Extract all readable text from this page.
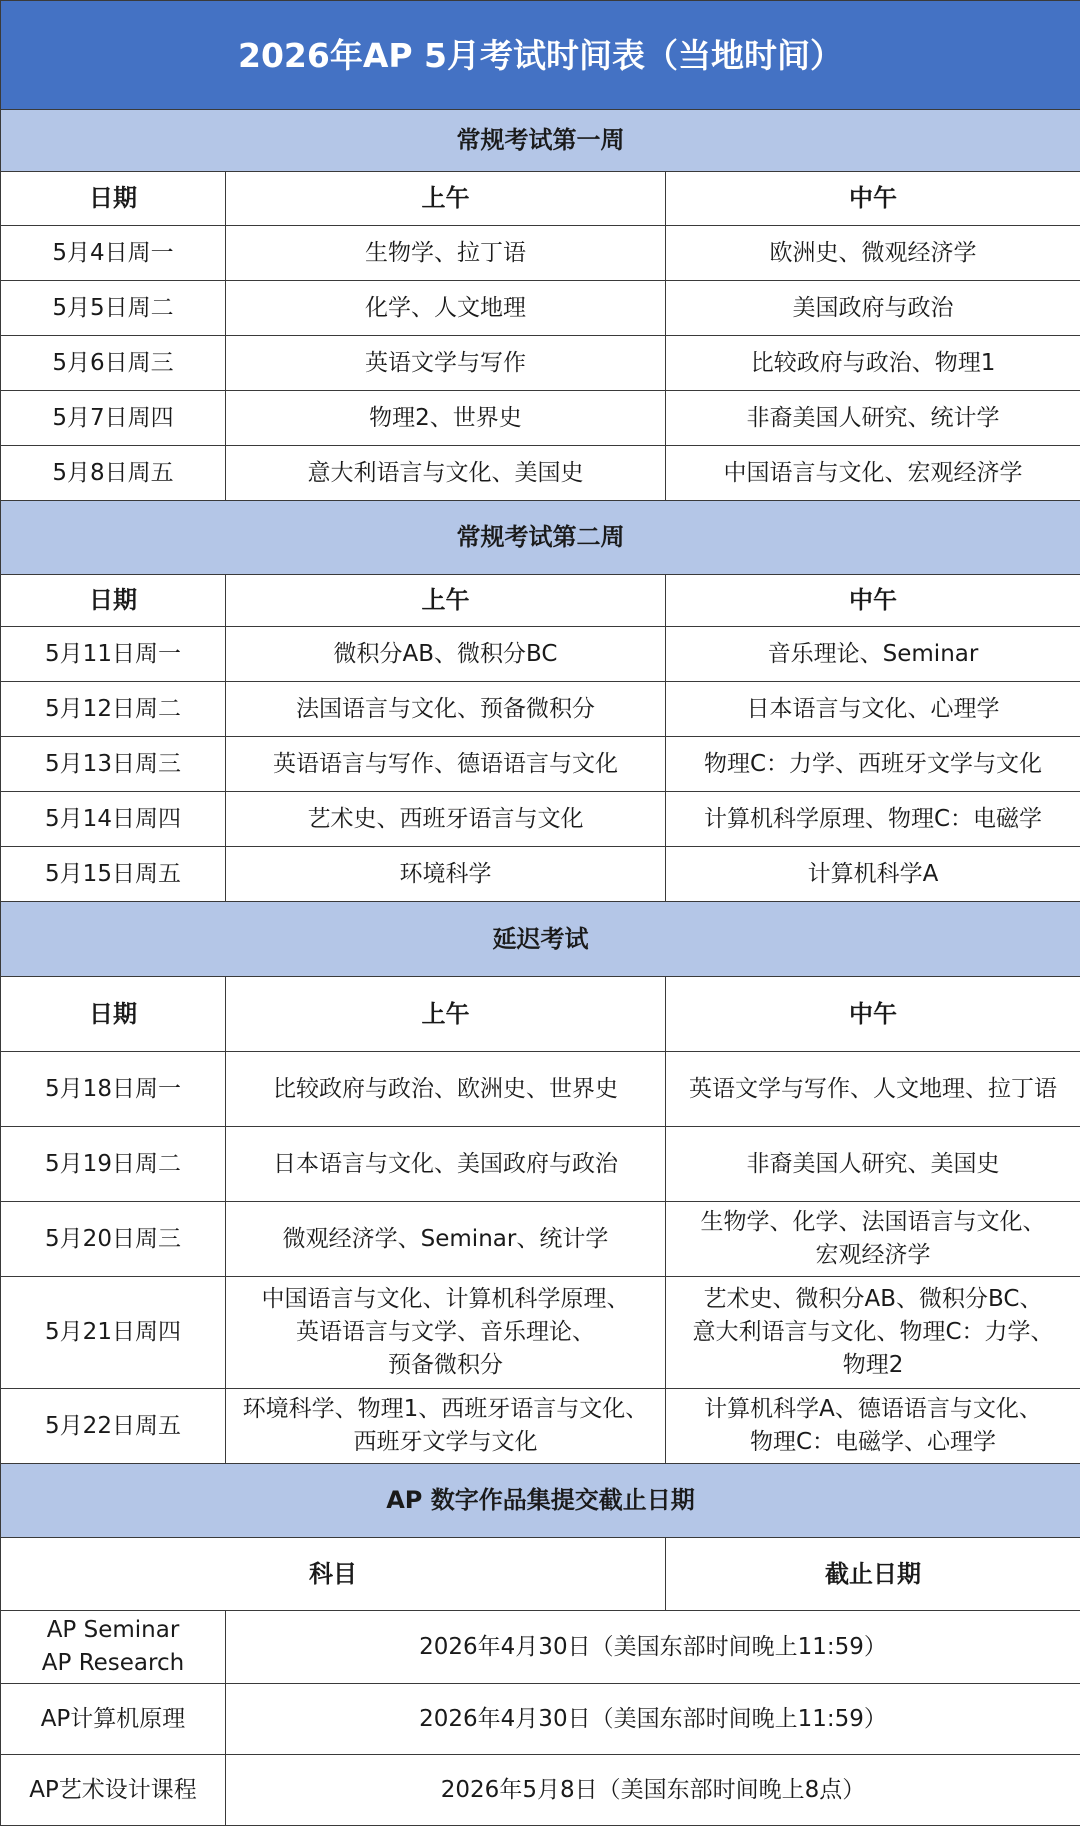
2026年AP 5月考试时间表（当地时间）		
常规考试第一周		
日期	上午	中午
5月4日周一	生物学、拉丁语	欧洲史、微观经济学
5月5日周二	化学、人文地理	美国政府与政治
5月6日周三	英语文学与写作	比较政府与政治、物理1
5月7日周四	物理2、世界史	非裔美国人研究、统计学
5月8日周五	意大利语言与文化、美国史	中国语言与文化、宏观经济学
常规考试第二周		
日期	上午	中午
5月11日周一	微积分AB、微积分BC	音乐理论、Seminar
5月12日周二	法国语言与文化、预备微积分	日本语言与文化、心理学
5月13日周三	英语语言与写作、德语语言与文化	物理C：力学、西班牙文学与文化
5月14日周四	艺术史、西班牙语言与文化	计算机科学原理、物理C：电磁学
5月15日周五	环境科学	计算机科学A
延迟考试		
日期	上午	中午
5月18日周一	比较政府与政治、欧洲史、世界史	英语文学与写作、人文地理、拉丁语

5月19日周二	日本语言与文化、美国政府与政治	非裔美国人研究、美国史

5月20日周三	微观经济学、Seminar、统计学	生物学、化学、法国语言与文化、
宏观经济学

5月21日周四	中国语言与文化、计算机科学原理、
英语语言与文学、音乐理论、
预备微积分	艺术史、微积分AB、微积分BC、
意大利语言与文化、物理C：力学、
物理2

5月22日周五	环境科学、物理1、西班牙语言与文化、
西班牙文学与文化	计算机科学A、德语语言与文化、
物理C：电磁学、心理学

AP 数字作品集提交截止日期		
科目		截止日期

AP Seminar
AP Research	2026年4月30日（美国东部时间晚上11:59）	

AP计算机原理	2026年4月30日（美国东部时间晚上11:59）	

AP艺术设计课程	2026年5月8日（美国东部时间晚上8点）	
